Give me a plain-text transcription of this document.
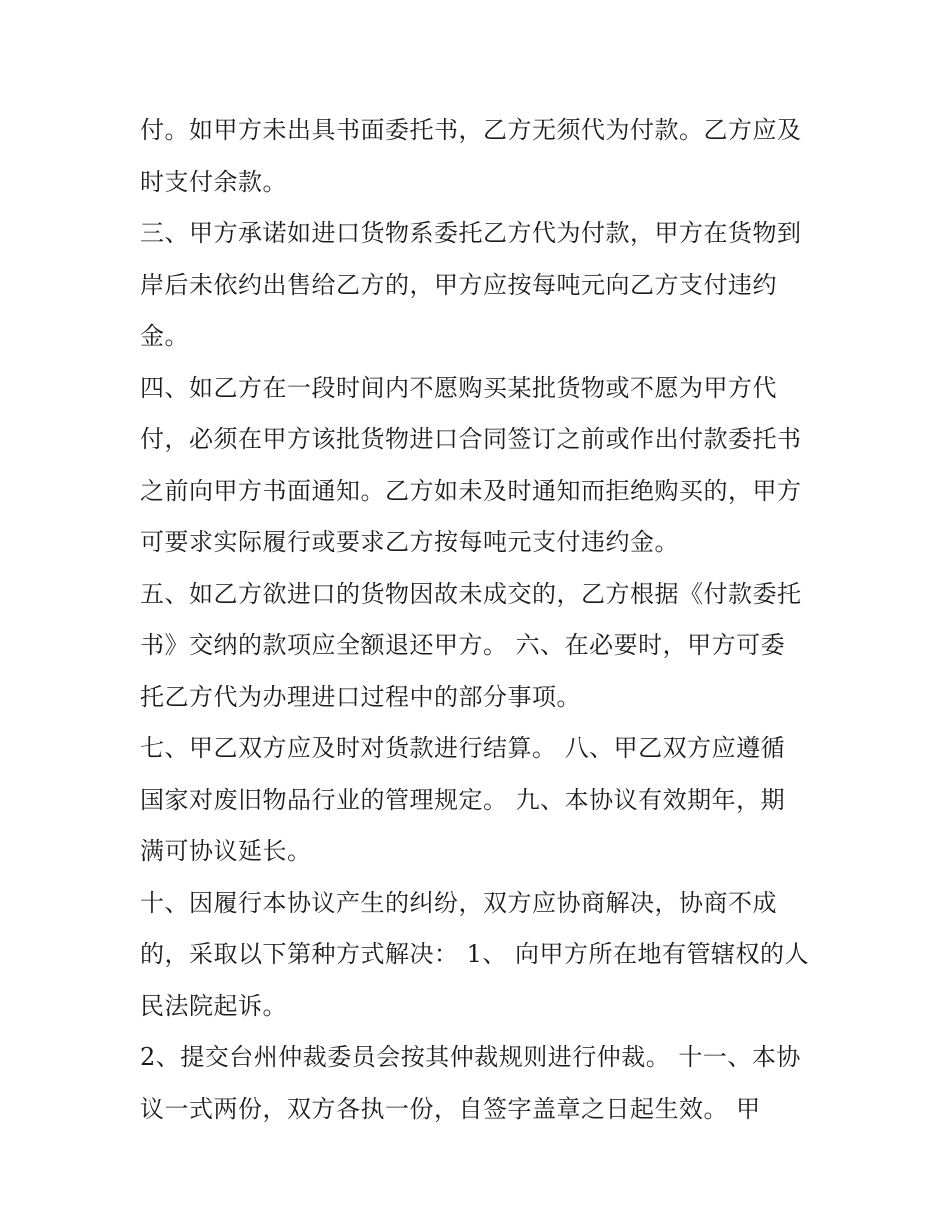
付。如甲方未出具书面委托书，乙方无须代为付款。乙方应及
时支付余款。
三、甲方承诺如进口货物系委托乙方代为付款，甲方在货物到
岸后未依约出售给乙方的，甲方应按每吨元向乙方支付违约
金。
四、如乙方在一段时间内不愿购买某批货物或不愿为甲方代
付，必须在甲方该批货物进口合同签订之前或作出付款委托书
之前向甲方书面通知。乙方如未及时通知而拒绝购买的，甲方
可要求实际履行或要求乙方按每吨元支付违约金。
五、如乙方欲进口的货物因故未成交的，乙方根据《付款委托
书》交纳的款项应全额退还甲方。 六、在必要时，甲方可委
托乙方代为办理进口过程中的部分事项。
七、甲乙双方应及时对货款进行结算。 八、甲乙双方应遵循
国家对废旧物品行业的管理规定。 九、本协议有效期年，期
满可协议延长。
十、因履行本协议产生的纠纷，双方应协商解决，协商不成
的，采取以下第种方式解决： 1、 向甲方所在地有管辖权的人
民法院起诉。
2、提交台州仲裁委员会按其仲裁规则进行仲裁。 十一、本协
议一式两份，双方各执一份，自签字盖章之日起生效。 甲
